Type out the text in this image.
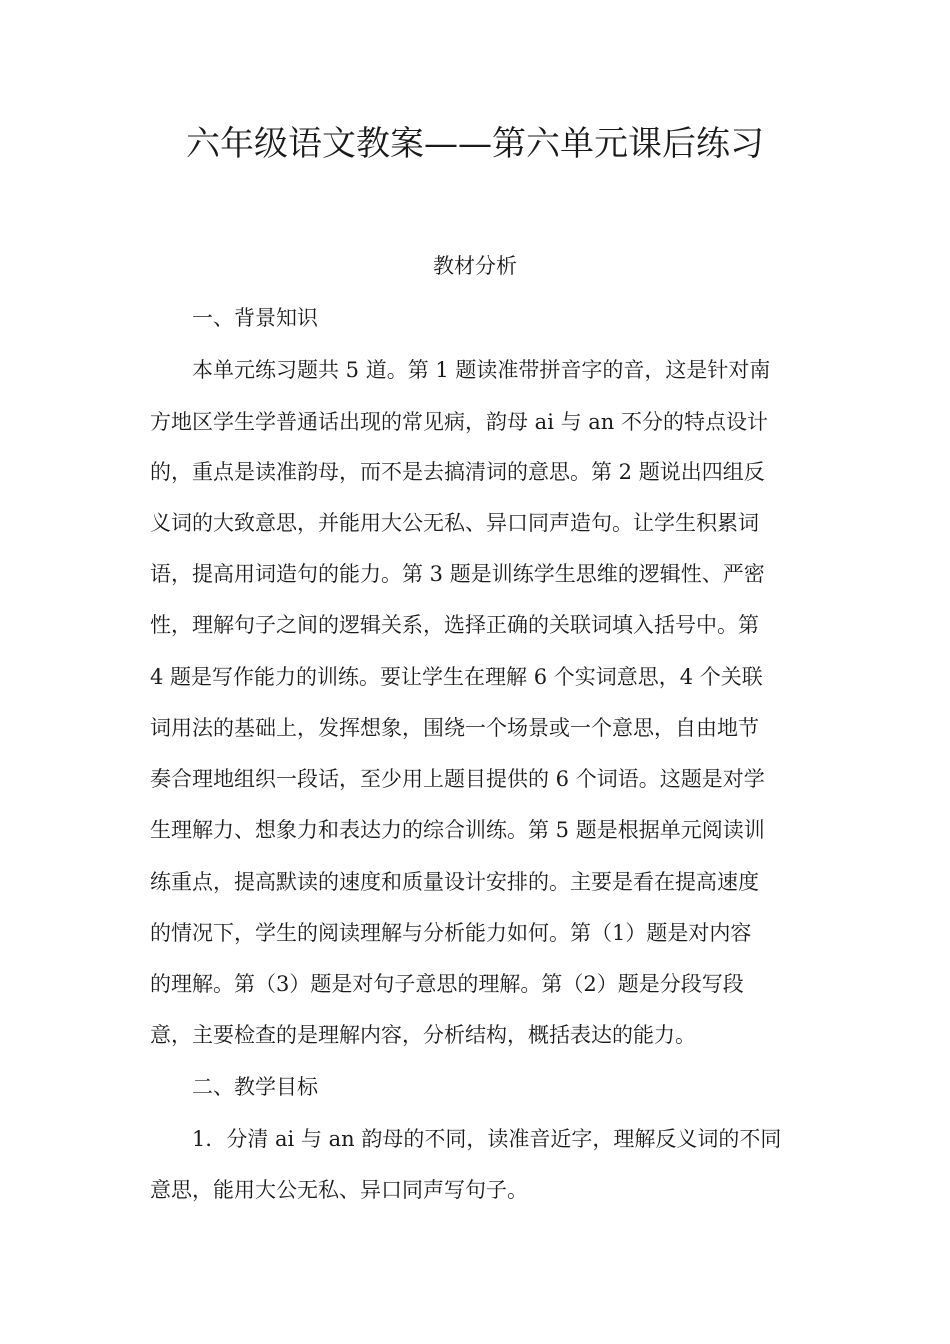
六年级语文教案——第六单元课后练习
教材分析
一、背景知识
本单元练习题共 5 道。第 1 题读准带拼音字的音，这是针对南
方地区学生学普通话出现的常见病，韵母 ai 与 an 不分的特点设计
的，重点是读准韵母，而不是去搞清词的意思。第 2 题说出四组反
义词的大致意思，并能用大公无私、异口同声造句。让学生积累词
语，提高用词造句的能力。第 3 题是训练学生思维的逻辑性、严密
性，理解句子之间的逻辑关系，选择正确的关联词填入括号中。第
4 题是写作能力的训练。要让学生在理解 6 个实词意思，4 个关联
词用法的基础上，发挥想象，围绕一个场景或一个意思，自由地节
奏合理地组织一段话，至少用上题目提供的 6 个词语。这题是对学
生理解力、想象力和表达力的综合训练。第 5 题是根据单元阅读训
练重点，提高默读的速度和质量设计安排的。主要是看在提高速度
的情况下，学生的阅读理解与分析能力如何。第（1）题是对内容
的理解。第（3）题是对句子意思的理解。第（2）题是分段写段
意，主要检查的是理解内容，分析结构，概括表达的能力。
二、教学目标
1．分清 ai 与 an 韵母的不同，读准音近字，理解反义词的不同
意思，能用大公无私、异口同声写句子。
